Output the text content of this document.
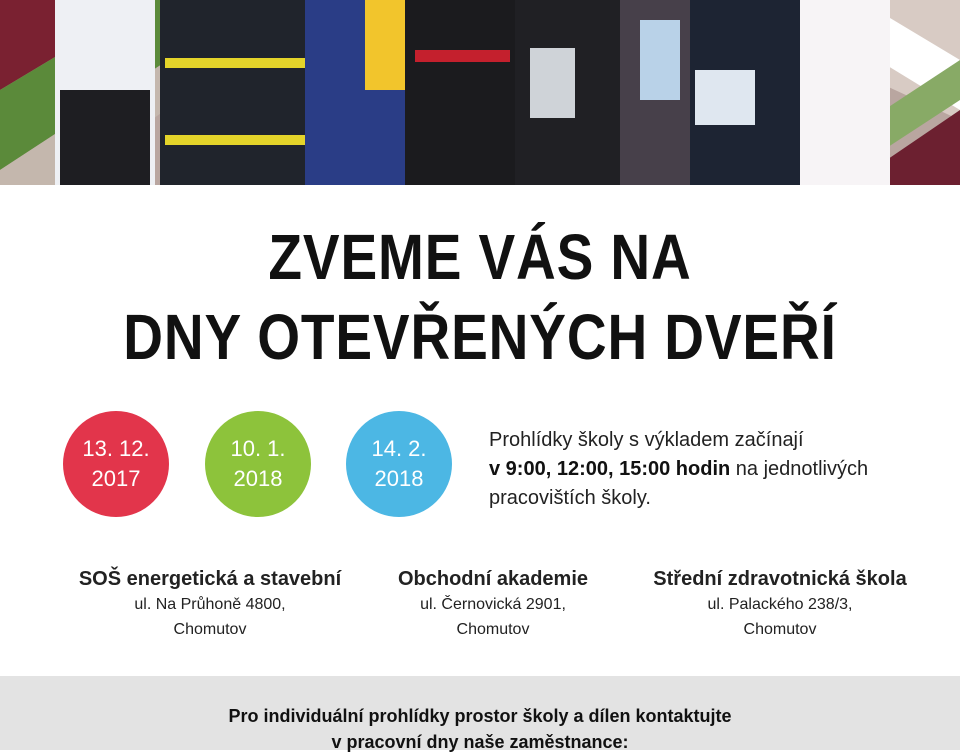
ZVEME VÁS NA
DNY OTEVŘENÝCH DVEŘÍ
13. 12.
2017
10. 1.
2018
14. 2.
2018
Prohlídky školy s výkladem začínají
v 9:00, 12:00, 15:00 hodin na jednotlivých
pracovištích školy.
SOŠ energetická a stavební
ul. Na Průhoně 4800,
Chomutov
Obchodní akademie
ul. Černovická 2901,
Chomutov
Střední zdravotnická škola
ul. Palackého 238/3,
Chomutov
Pro individuální prohlídky prostor školy a dílen kontaktujte
v pracovní dny naše zaměstnance:
